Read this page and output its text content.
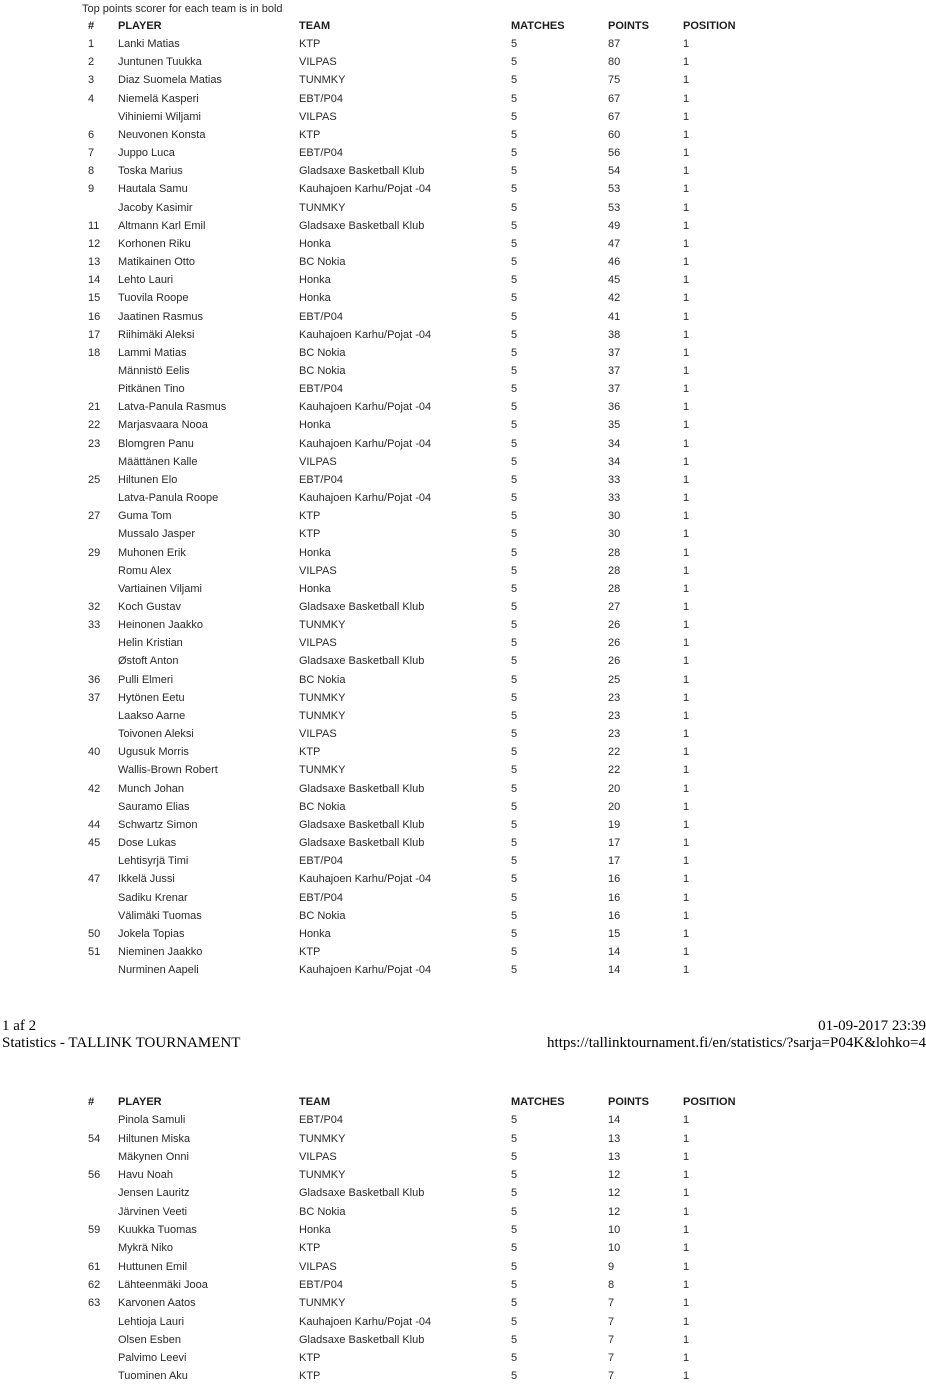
Top points scorer for each team is in bold
# PLAYER	TEAM	MATCHES	POINTS	POSITION
1 Lanki Matias	KTP	5	87	1
2 Juntunen Tuukka	VILPAS	5	80	1
3 Diaz Suomela Matias	TUNMKY	5	75	1
4 Niemelä Kasperi	EBT/P04	5	67	1
Vihiniemi Wiljami	VILPAS	5	67	1
6 Neuvonen Konsta	KTP	5	60	1
7 Juppo Luca	EBT/P04	5	56	1
8 Toska Marius	Gladsaxe Basketball Klub	5	54	1
9 Hautala Samu	Kauhajoen Karhu/Pojat -04	5	53	1
Jacoby Kasimir	TUNMKY	5	53	1
11 Altmann Karl Emil	Gladsaxe Basketball Klub	5	49	1
12 Korhonen Riku	Honka	5	47	1
13 Matikainen Otto	BC Nokia	5	46	1
14 Lehto Lauri	Honka	5	45	1
15 Tuovila Roope	Honka	5	42	1
16 Jaatinen Rasmus	EBT/P04	5	41	1
17 Riihimäki Aleksi	Kauhajoen Karhu/Pojat -04	5	38	1
18 Lammi Matias	BC Nokia	5	37	1
Männistö Eelis	BC Nokia	5	37	1
Pitkänen Tino	EBT/P04	5	37	1
21 Latva-Panula Rasmus	Kauhajoen Karhu/Pojat -04	5	36	1
22 Marjasvaara Nooa	Honka	5	35	1
23 Blomgren Panu	Kauhajoen Karhu/Pojat -04	5	34	1
Määttänen Kalle	VILPAS	5	34	1
25 Hiltunen Elo	EBT/P04	5	33	1
Latva-Panula Roope	Kauhajoen Karhu/Pojat -04	5	33	1
27 Guma Tom	KTP	5	30	1
Mussalo Jasper	KTP	5	30	1
29 Muhonen Erik	Honka	5	28	1
Romu Alex	VILPAS	5	28	1
Vartiainen Viljami	Honka	5	28	1
32 Koch Gustav	Gladsaxe Basketball Klub	5	27	1
33 Heinonen Jaakko	TUNMKY	5	26	1
Helin Kristian	VILPAS	5	26	1
Østoft Anton	Gladsaxe Basketball Klub	5	26	1
36 Pulli Elmeri	BC Nokia	5	25	1
37 Hytönen Eetu	TUNMKY	5	23	1
Laakso Aarne	TUNMKY	5	23	1
Toivonen Aleksi	VILPAS	5	23	1
40 Ugusuk Morris	KTP	5	22	1
Wallis-Brown Robert	TUNMKY	5	22	1
42 Munch Johan	Gladsaxe Basketball Klub	5	20	1
Sauramo Elias	BC Nokia	5	20	1
44 Schwartz Simon	Gladsaxe Basketball Klub	5	19	1
45 Dose Lukas	Gladsaxe Basketball Klub	5	17	1
Lehtisyrjä Timi	EBT/P04	5	17	1
47 Ikkelä Jussi	Kauhajoen Karhu/Pojat -04	5	16	1
Sadiku Krenar	EBT/P04	5	16	1
Välimäki Tuomas	BC Nokia	5	16	1
50 Jokela Topias	Honka	5	15	1
51 Nieminen Jaakko	KTP	5	14	1
Nurminen Aapeli	Kauhajoen Karhu/Pojat -04	5	14	1
1 af 2
Statistics - TALLINK TOURNAMENT
01-09-2017 23:39
https://tallinktournament.fi/en/statistics/?sarja=P04K&lohko=4
# PLAYER	TEAM	MATCHES	POINTS	POSITION
Pinola Samuli	EBT/P04	5	14	1
54 Hiltunen Miska	TUNMKY	5	13	1
Mäkynen Onni	VILPAS	5	13	1
56 Havu Noah	TUNMKY	5	12	1
Jensen Lauritz	Gladsaxe Basketball Klub	5	12	1
Järvinen Veeti	BC Nokia	5	12	1
59 Kuukka Tuomas	Honka	5	10	1
Mykrä Niko	KTP	5	10	1
61 Huttunen Emil	VILPAS	5	9	1
62 Lähteenmäki Jooa	EBT/P04	5	8	1
63 Karvonen Aatos	TUNMKY	5	7	1
Lehtioja Lauri	Kauhajoen Karhu/Pojat -04	5	7	1
Olsen Esben	Gladsaxe Basketball Klub	5	7	1
Palvimo Leevi	KTP	5	7	1
Tuominen Aku	KTP	5	7	1
